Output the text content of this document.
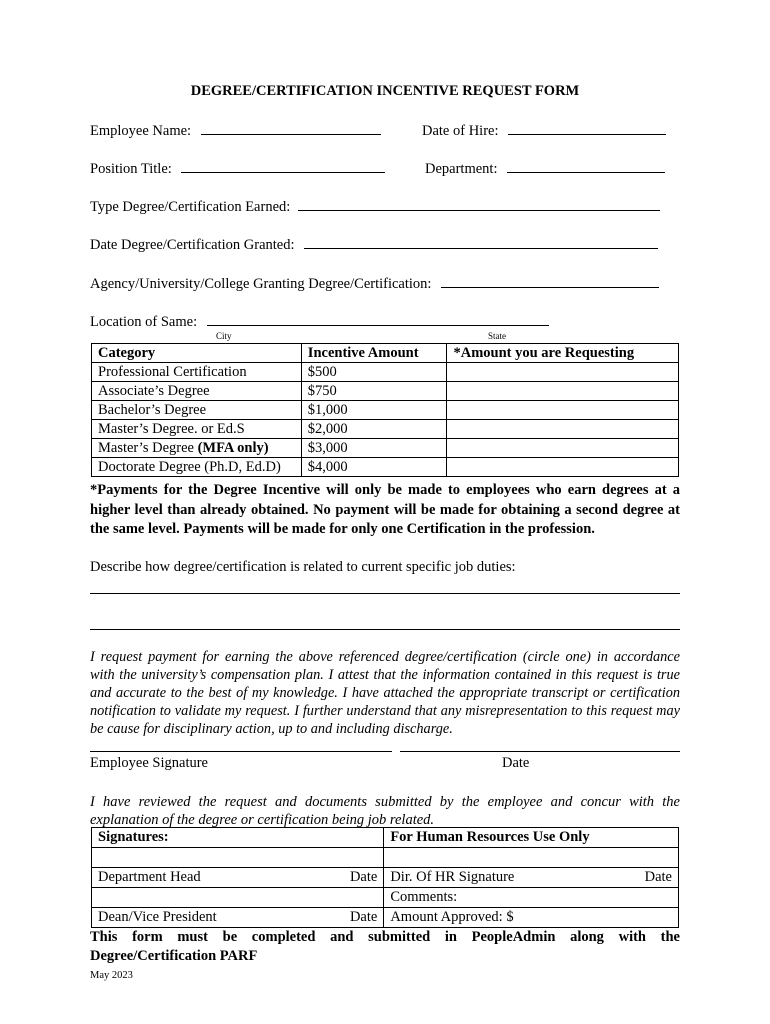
DEGREE/CERTIFICATION INCENTIVE REQUEST FORM
Employee Name:	Date of Hire:
Position Title:	Department:
Type Degree/Certification Earned:
Date Degree/Certification Granted:
Agency/University/College Granting Degree/Certification:
Location of Same:
City	State
Category	Incentive Amount	*Amount you are Requesting
Professional Certification	$500	
Associate’s Degree	$750	
Bachelor’s Degree	$1,000	
Master’s Degree. or Ed.S	$2,000	
Master’s Degree (MFA only)	$3,000	
Doctorate Degree (Ph.D, Ed.D)	$4,000	
*Payments for the Degree Incentive will only be made to employees who earn degrees at a higher level than already obtained. No payment will be made for obtaining a second degree at the same level. Payments will be made for only one Certification in the profession.
Describe how degree/certification is related to current specific job duties:
I request payment for earning the above referenced degree/certification (circle one) in accordance with the university’s compensation plan. I attest that the information contained in this request is true and accurate to the best of my knowledge. I have attached the appropriate transcript or certification notification to validate my request. I further understand that any misrepresentation to this request may be cause for disciplinary action, up to and including discharge.
Employee Signature	Date
I have reviewed the request and documents submitted by the employee and concur with the explanation of the degree or certification being job related.
Signatures:	For Human Resources Use Only

Department Head Date	Dir. Of HR Signature Date

	Comments:
Dean/Vice President Date	Amount Approved: $
This form must be completed and submitted in PeopleAdmin along with the Degree/Certification PARF
May 2023
